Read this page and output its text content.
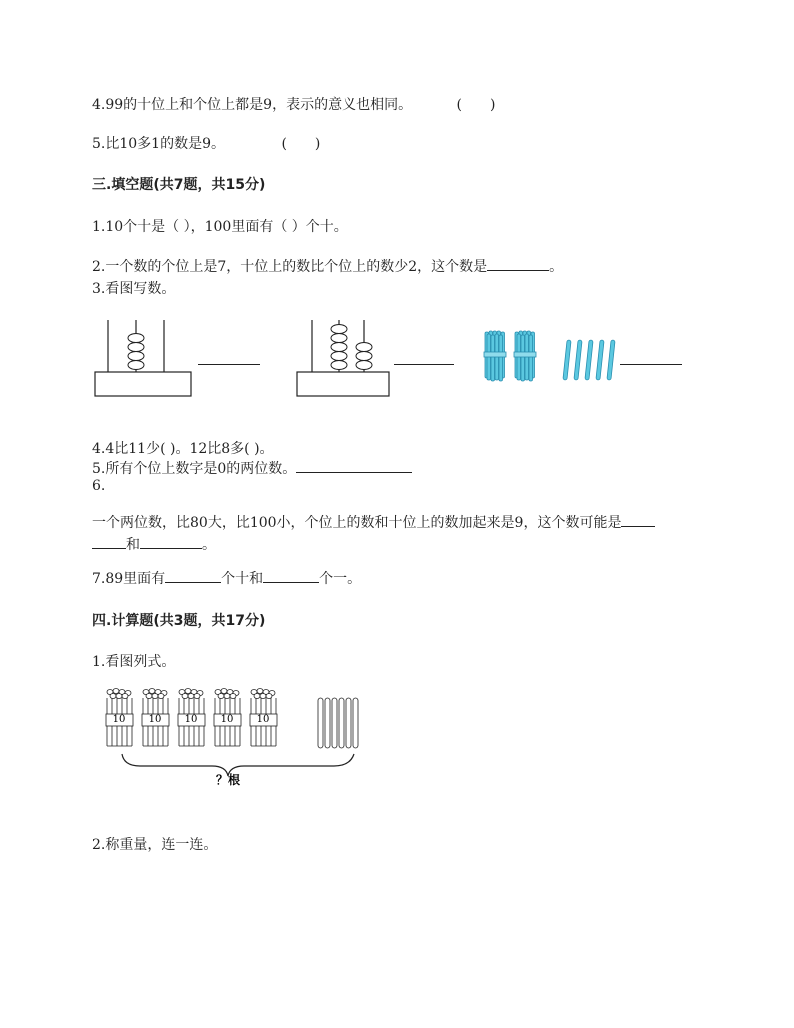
4.99的十位上和个位上都是9，表示的意义也相同。	(　　)
5.比10多1的数是9。	(　　)
三.填空题(共7题，共15分)
1.10个十是（ ），100里面有（ ）个十。
2.一个数的个位上是7，十位上的数比个位上的数少2，这个数是	。
3.看图写数。
4.4比11少( )。12比8多( )。
5.所有个位上数字是0的两位数。
6.
一个两位数，比80大，比100小，个位上的数和十位上的数加起来是9，这个数可能是
和	。
7.89里面有	个十和	个一。
四.计算题(共3题，共17分)
1.看图列式。
10 10 10 10 10
？根
2.称重量，连一连。
